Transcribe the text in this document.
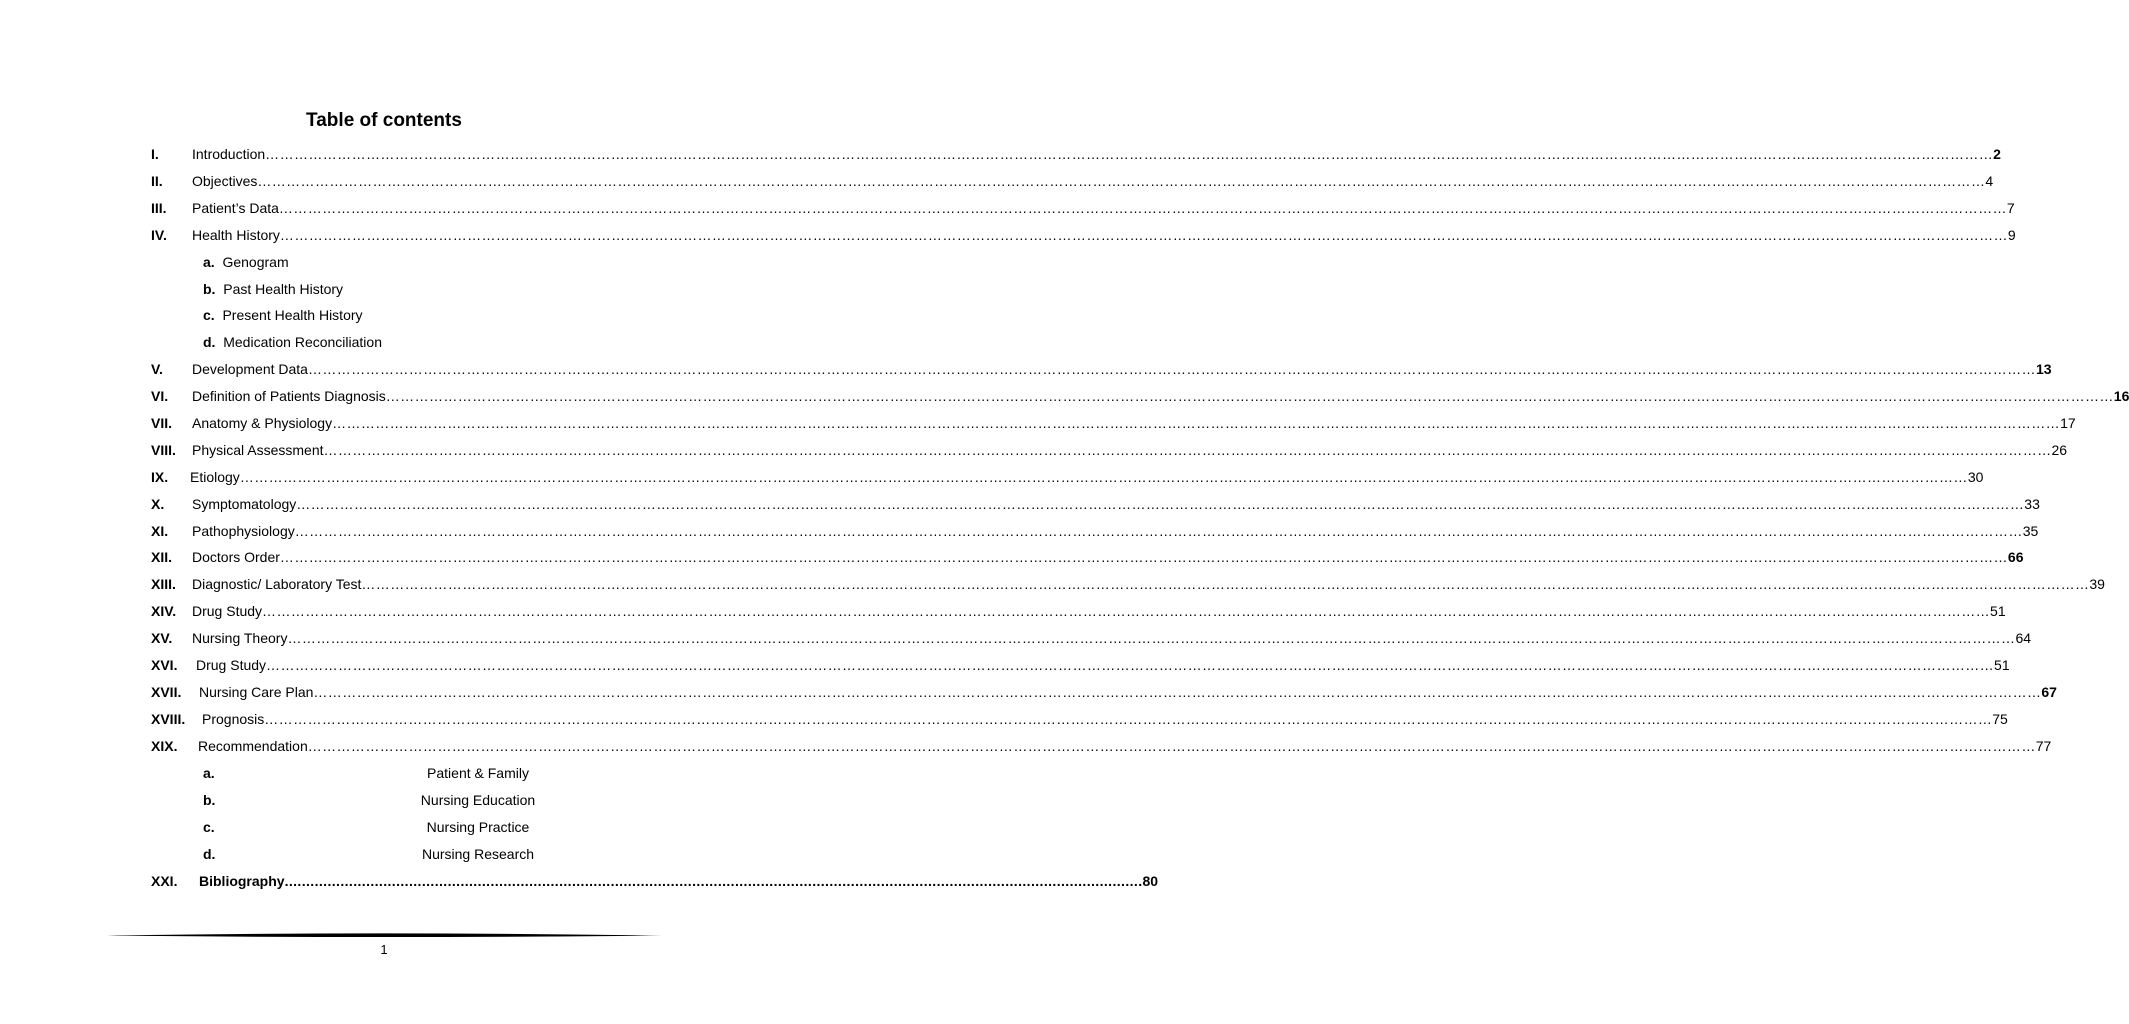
Table of contents
I. Introduction ……………………………………………………………………………………………………………………………………………………………………………………………………………………………………………………………………………………………………………………………… 2
II. Objectives ……………………………………………………………………………………………………………………………………………………………………………………………………………………………………………………………………………………………………………………………… 4
III. Patient’s Data ……………………………………………………………………………………………………………………………………………………………………………………………………………………………………………………………………………………………………………………………… 7
IV. Health History ……………………………………………………………………………………………………………………………………………………………………………………………………………………………………………………………………………………………………………………………… 9
a. Genogram
b. Past Health History
c. Present Health History
d. Medication Reconciliation
V. Development Data ……………………………………………………………………………………………………………………………………………………………………………………………………………………………………………………………………………………………………………………………… 13
VI. Definition of Patients Diagnosis ……………………………………………………………………………………………………………………………………………………………………………………………………………………………………………………………………………………………………………………………… 16
VII. Anatomy & Physiology ……………………………………………………………………………………………………………………………………………………………………………………………………………………………………………………………………………………………………………………………… 17
VIII. Physical Assessment ……………………………………………………………………………………………………………………………………………………………………………………………………………………………………………………………………………………………………………………………… 26
IX. Etiology ……………………………………………………………………………………………………………………………………………………………………………………………………………………………………………………………………………………………………………………………… 30
X. Symptomatology ……………………………………………………………………………………………………………………………………………………………………………………………………………………………………………………………………………………………………………………………… 33
XI. Pathophysiology ……………………………………………………………………………………………………………………………………………………………………………………………………………………………………………………………………………………………………………………………… 35
XII. Doctors Order ……………………………………………………………………………………………………………………………………………………………………………………………………………………………………………………………………………………………………………………………… 66
XIII. Diagnostic/ Laboratory Test ……………………………………………………………………………………………………………………………………………………………………………………………………………………………………………………………………………………………………………………………… 39
XIV. Drug Study ……………………………………………………………………………………………………………………………………………………………………………………………………………………………………………………………………………………………………………………………… 51
XV. Nursing Theory ……………………………………………………………………………………………………………………………………………………………………………………………………………………………………………………………………………………………………………………………… 64
XVI. Drug Study ……………………………………………………………………………………………………………………………………………………………………………………………………………………………………………………………………………………………………………………………… 51
XVII. Nursing Care Plan ……………………………………………………………………………………………………………………………………………………………………………………………………………………………………………………………………………………………………………………………… 67
XVIII. Prognosis ……………………………………………………………………………………………………………………………………………………………………………………………………………………………………………………………………………………………………………………………… 75
XIX. Recommendation ……………………………………………………………………………………………………………………………………………………………………………………………………………………………………………………………………………………………………………………………… 77
a.	Patient & Family
b.	Nursing Education
c.	Nursing Practice
d.	Nursing Research
XXI. Bibliography ........................................................................................................................................................................................................ 80
1
